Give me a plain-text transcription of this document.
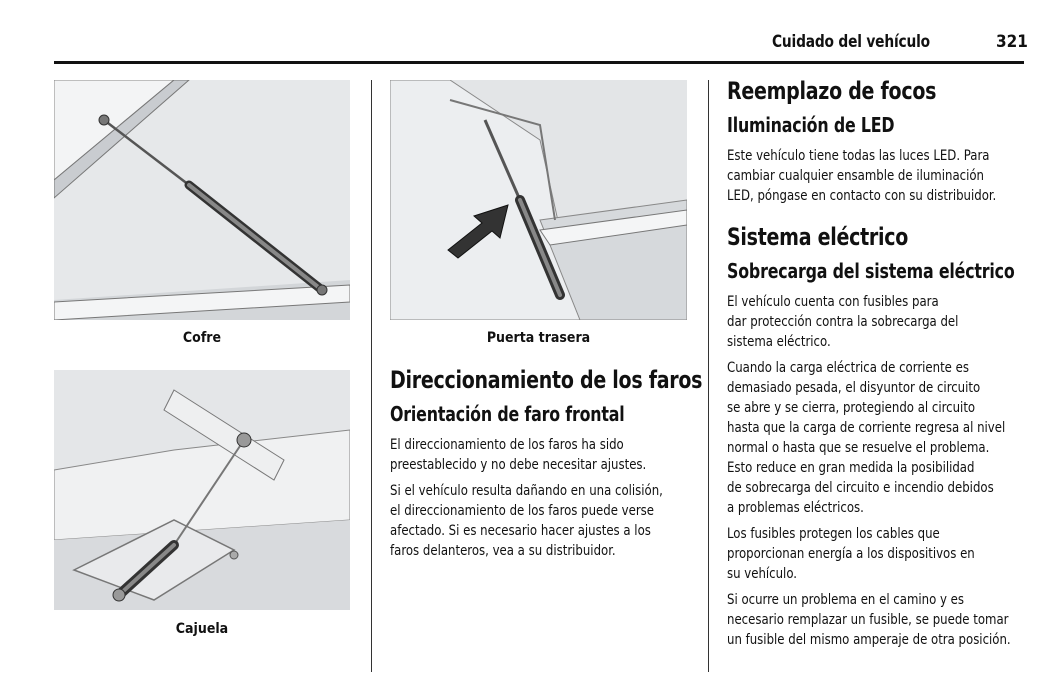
Cuidado del vehículo	321
Cofre
Cajuela
Puerta trasera
Direccionamiento de los faros
Orientación de faro frontal
El direccionamiento de los faros ha sido
preestablecido y no debe necesitar ajustes.
Si el vehículo resulta dañando en una colisión,
el direccionamiento de los faros puede verse
afectado. Si es necesario hacer ajustes a los
faros delanteros, vea a su distribuidor.
Reemplazo de focos
Iluminación de LED
Este vehículo tiene todas las luces LED. Para
cambiar cualquier ensamble de iluminación
LED, póngase en contacto con su distribuidor.
Sistema eléctrico
Sobrecarga del sistema eléctrico
El vehículo cuenta con fusibles para
dar protección contra la sobrecarga del
sistema eléctrico.
Cuando la carga eléctrica de corriente es
demasiado pesada, el disyuntor de circuito
se abre y se cierra, protegiendo al circuito
hasta que la carga de corriente regresa al nivel
normal o hasta que se resuelve el problema.
Esto reduce en gran medida la posibilidad
de sobrecarga del circuito e incendio debidos
a problemas eléctricos.
Los fusibles protegen los cables que
proporcionan energía a los dispositivos en
su vehículo.
Si ocurre un problema en el camino y es
necesario remplazar un fusible, se puede tomar
un fusible del mismo amperaje de otra posición.
